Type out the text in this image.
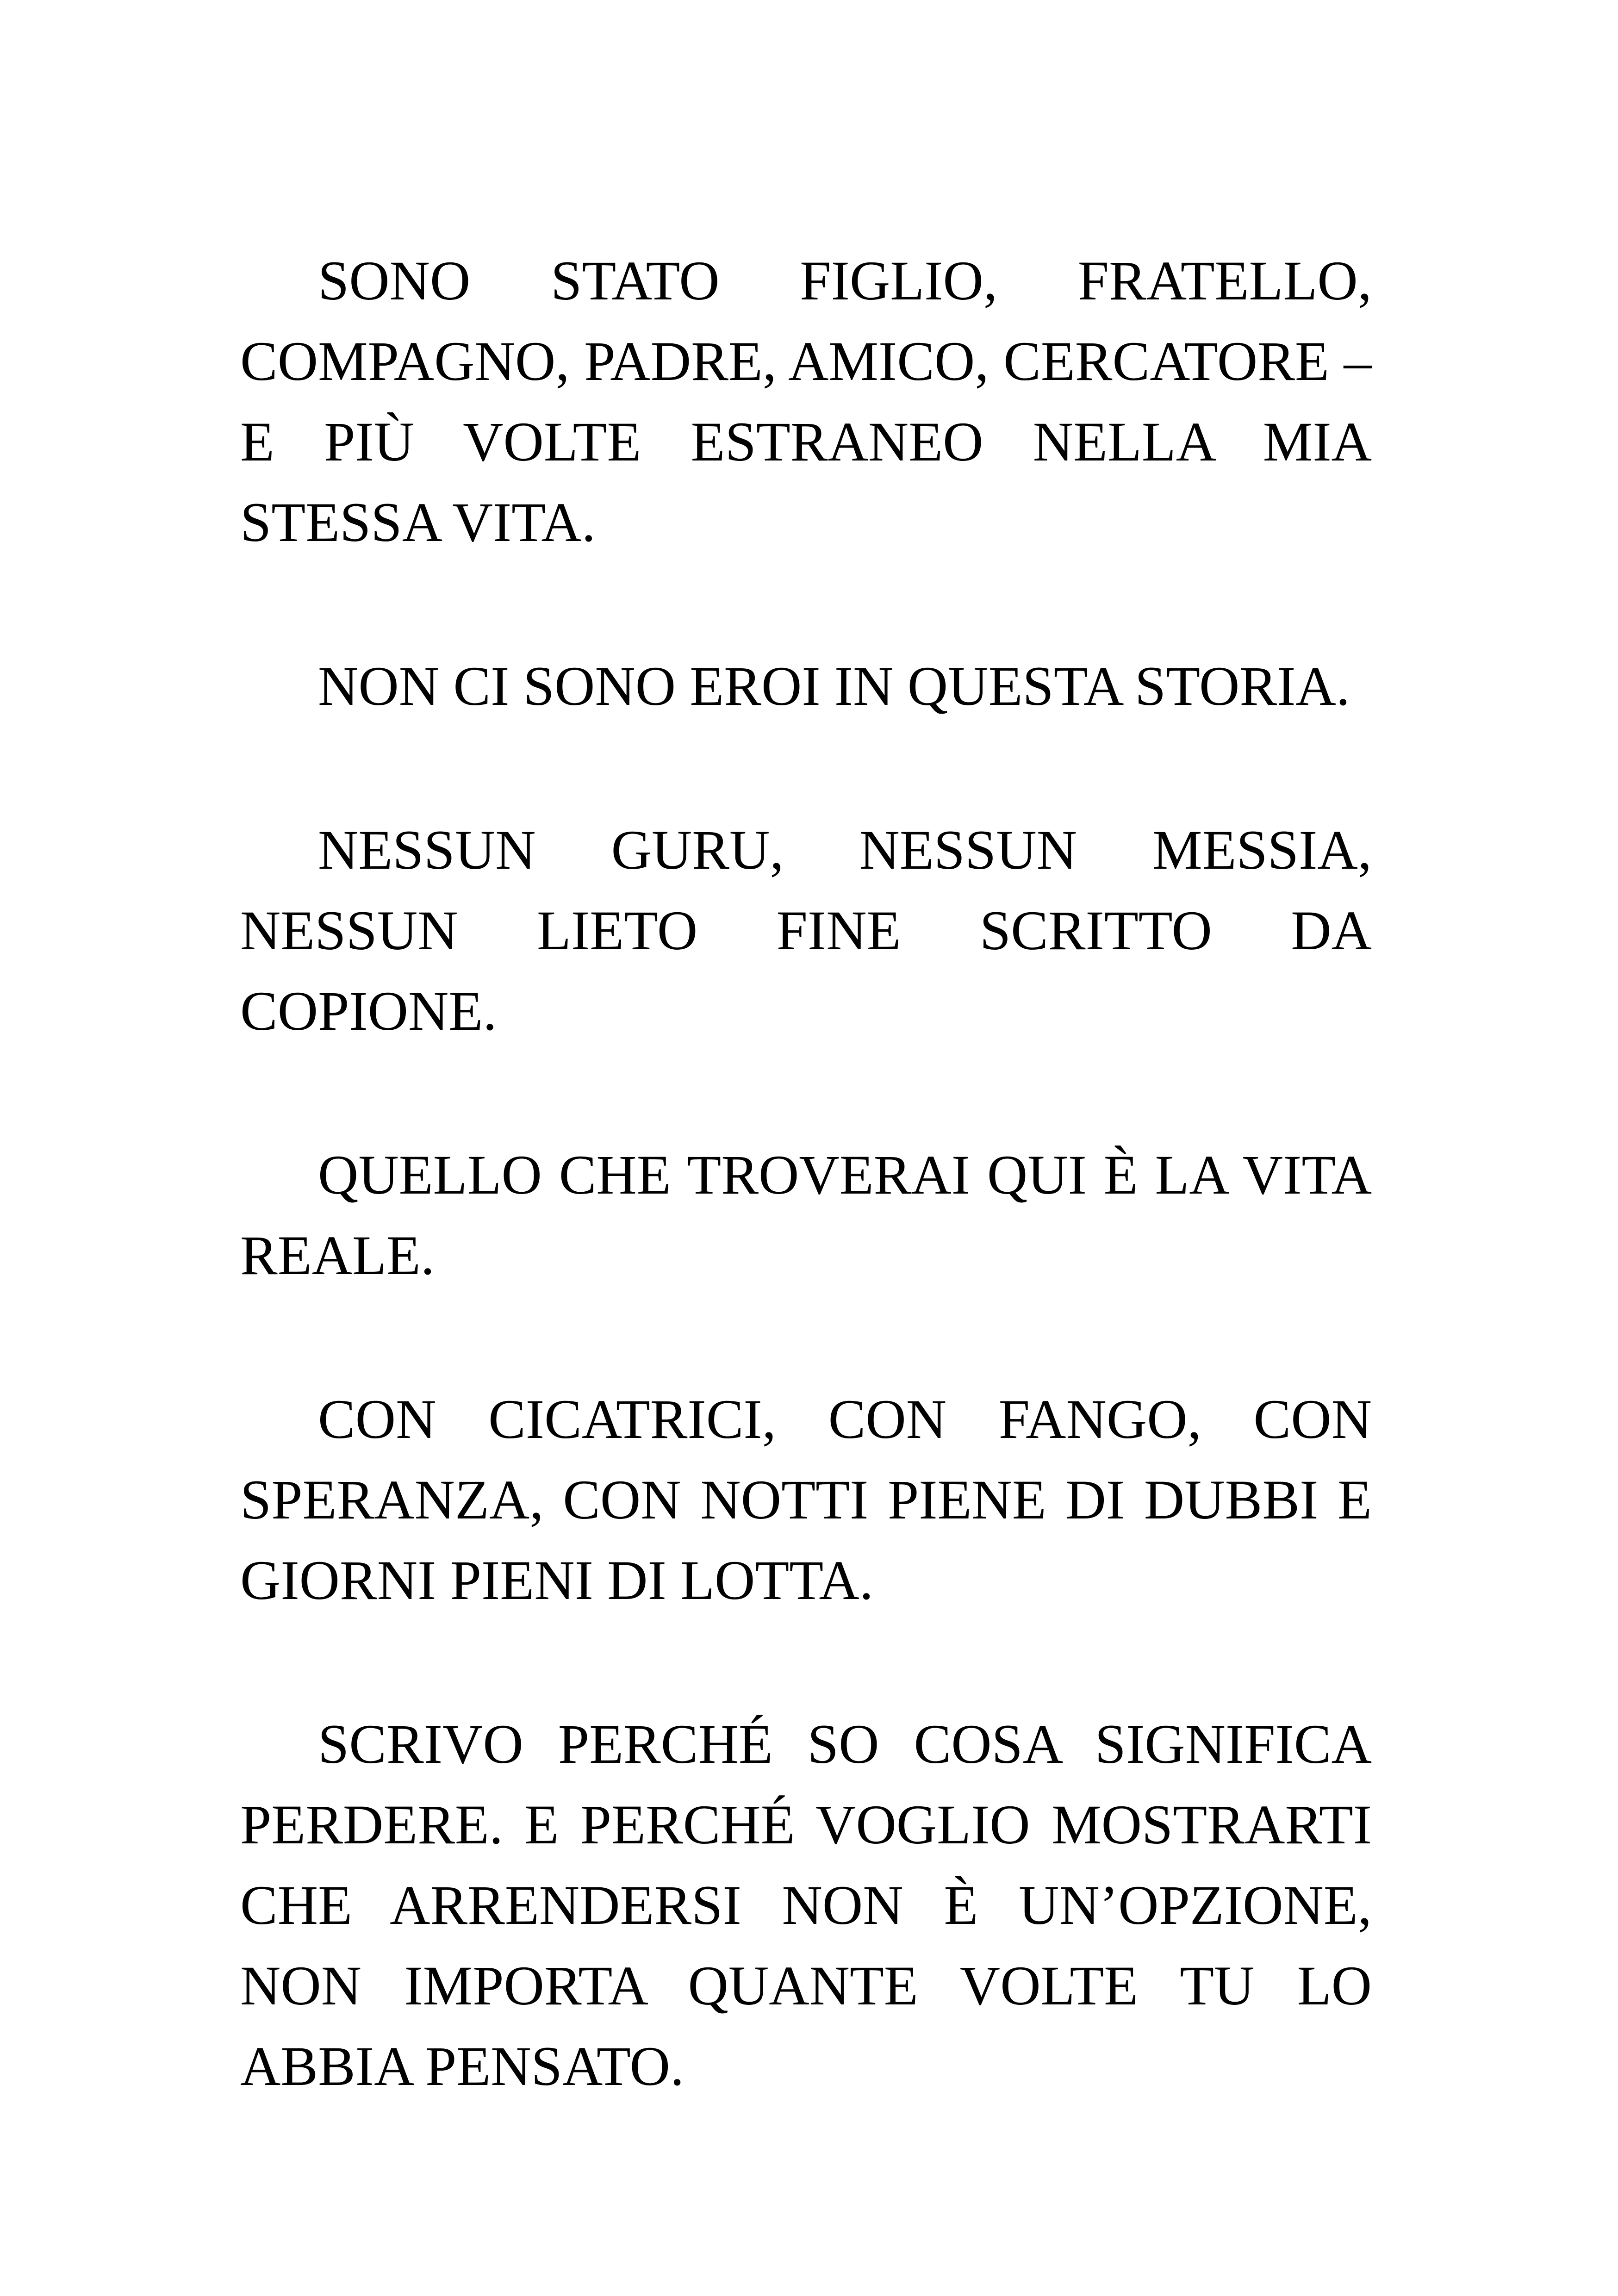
SONO STATO FIGLIO, FRATELLO, COMPAGNO, PADRE, AMICO, CERCATORE – E PIÙ VOLTE ESTRANEO NELLA MIA STESSA VITA.

NON CI SONO EROI IN QUESTA STORIA.

NESSUN GURU, NESSUN MESSIA, NESSUN LIETO FINE SCRITTO DA COPIONE.

QUELLO CHE TROVERAI QUI È LA VITA REALE.

CON CICATRICI, CON FANGO, CON SPERANZA, CON NOTTI PIENE DI DUBBI E GIORNI PIENI DI LOTTA.

SCRIVO PERCHÉ SO COSA SIGNIFICA PERDERE. E PERCHÉ VOGLIO MOSTRARTI CHE ARRENDERSI NON È UN’OPZIONE, NON IMPORTA QUANTE VOLTE TU LO ABBIA PENSATO.
